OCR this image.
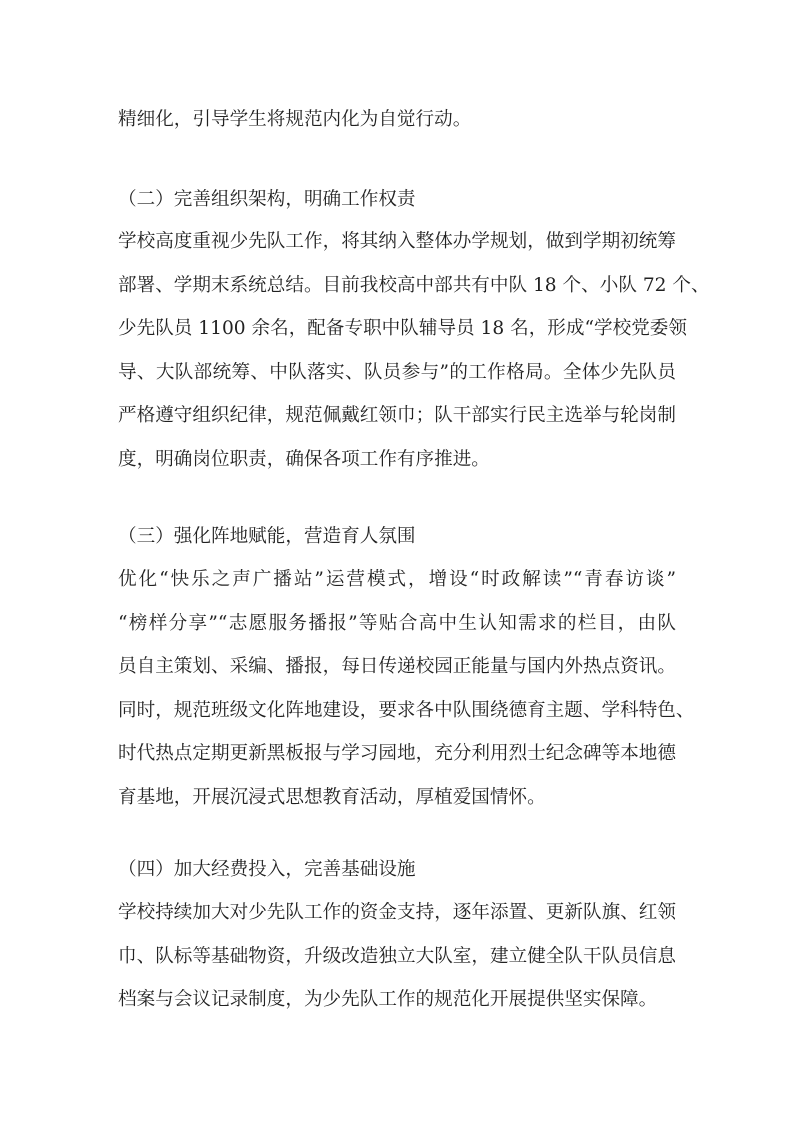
精细化，引导学生将规范内化为自觉行动。

（二）完善组织架构，明确工作权责

学校高度重视少先队工作，将其纳入整体办学规划，做到学期初统筹
部署、学期末系统总结。目前我校高中部共有中队 18 个、小队 72 个、
少先队员 1100 余名，配备专职中队辅导员 18 名，形成“学校党委领
导、大队部统筹、中队落实、队员参与”的工作格局。全体少先队员
严格遵守组织纪律，规范佩戴红领巾；队干部实行民主选举与轮岗制
度，明确岗位职责，确保各项工作有序推进。

（三）强化阵地赋能，营造育人氛围

优化“快乐之声广播站”运营模式，增设“时政解读”“青春访谈”
“榜样分享”“志愿服务播报”等贴合高中生认知需求的栏目，由队
员自主策划、采编、播报，每日传递校园正能量与国内外热点资讯。
同时，规范班级文化阵地建设，要求各中队围绕德育主题、学科特色、
时代热点定期更新黑板报与学习园地，充分利用烈士纪念碑等本地德
育基地，开展沉浸式思想教育活动，厚植爱国情怀。

（四）加大经费投入，完善基础设施

学校持续加大对少先队工作的资金支持，逐年添置、更新队旗、红领
巾、队标等基础物资，升级改造独立大队室，建立健全队干队员信息
档案与会议记录制度，为少先队工作的规范化开展提供坚实保障。
